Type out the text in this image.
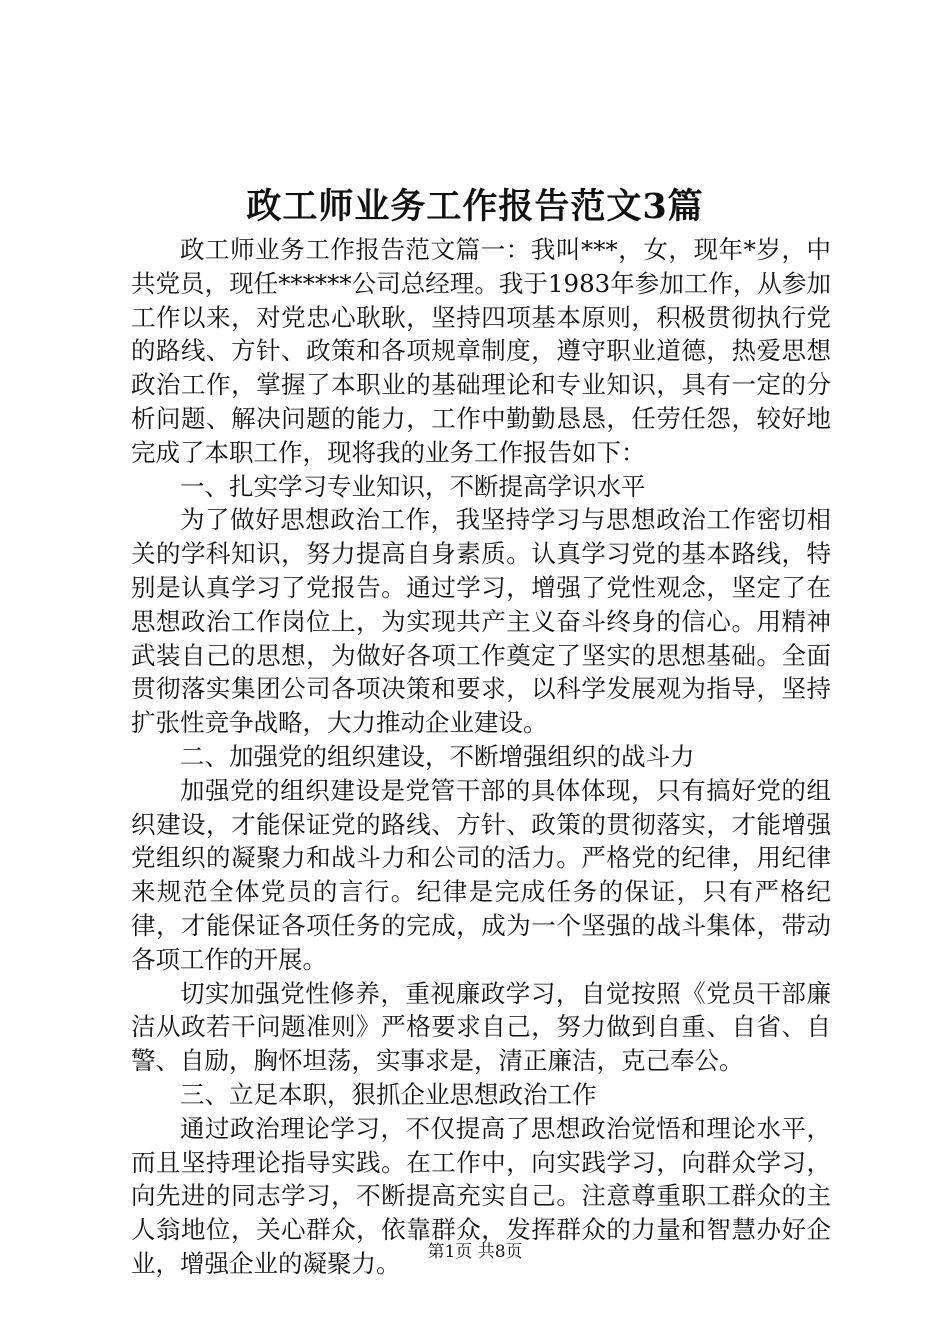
政工师业务工作报告范文3篇

政工师业务工作报告范文篇一：我叫***，女，现年*岁，中共党员，现任******公司总经理。我于1983年参加工作，从参加工作以来，对党忠心耿耿，坚持四项基本原则，积极贯彻执行党的路线、方针、政策和各项规章制度，遵守职业道德，热爱思想政治工作，掌握了本职业的基础理论和专业知识，具有一定的分析问题、解决问题的能力，工作中勤勤恳恳，任劳任怨，较好地完成了本职工作，现将我的业务工作报告如下：

一、扎实学习专业知识，不断提高学识水平

为了做好思想政治工作，我坚持学习与思想政治工作密切相关的学科知识，努力提高自身素质。认真学习党的基本路线，特别是认真学习了党报告。通过学习，增强了党性观念，坚定了在思想政治工作岗位上，为实现共产主义奋斗终身的信心。用精神武装自己的思想，为做好各项工作奠定了坚实的思想基础。全面贯彻落实集团公司各项决策和要求，以科学发展观为指导，坚持扩张性竞争战略，大力推动企业建设。

二、加强党的组织建设，不断增强组织的战斗力

加强党的组织建设是党管干部的具体体现，只有搞好党的组织建设，才能保证党的路线、方针、政策的贯彻落实，才能增强党组织的凝聚力和战斗力和公司的活力。严格党的纪律，用纪律来规范全体党员的言行。纪律是完成任务的保证，只有严格纪律，才能保证各项任务的完成，成为一个坚强的战斗集体，带动各项工作的开展。

切实加强党性修养，重视廉政学习，自觉按照《党员干部廉洁从政若干问题准则》严格要求自己，努力做到自重、自省、自警、自励，胸怀坦荡，实事求是，清正廉洁，克己奉公。

三、立足本职，狠抓企业思想政治工作

通过政治理论学习，不仅提高了思想政治觉悟和理论水平，而且坚持理论指导实践。在工作中，向实践学习，向群众学习，向先进的同志学习，不断提高充实自己。注意尊重职工群众的主人翁地位，关心群众，依靠群众，发挥群众的力量和智慧办好企业，增强企业的凝聚力。	第1页 共8页
